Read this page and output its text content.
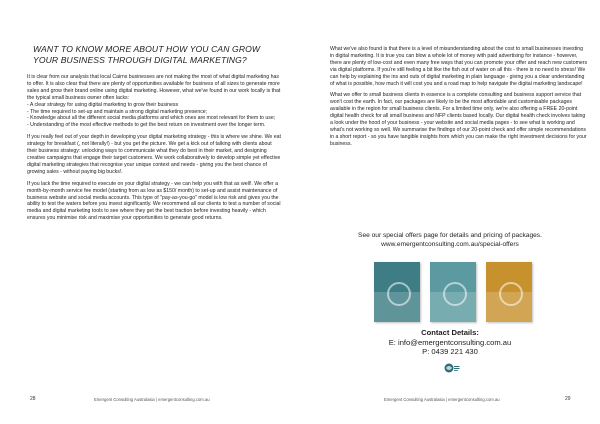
WANT TO KNOW MORE ABOUT HOW YOU CAN GROW YOUR BUSINESS THROUGH DIGITAL MARKETING?

It is clear from our analysis that local Cairns businesses are not making the most of what digital marketing has to offer. It is also clear that there are plenty of opportunities available for business of all sizes to generate more sales and grow their brand online using digital marketing. However, what we've found in our work locally is that the typical small business owner often lacks:
- A clear strategy for using digital marketing to grow their business
- The time required to set-up and maintain a strong digital marketing presence;
- Knowledge about all the different social media platforms and which ones are most relevant for them to use;
- Understanding of the most effective methods to get the best return on investment over the longer term.

If you really feel out of your depth in developing your digital marketing strategy - this is where we shine. We eat strategy for breakfast (, not literally!) - but you get the picture. We get a kick out of talking with clients about their business strategy: unlocking ways to communicate what they do best in their market, and designing creative campaigns that engage their target customers. We work collaboratively to develop simple yet effective digital marketing strategies that recognise your unique context and needs - giving you the best chance of growing sales - without paying big bucks!.

If you lack the time required to execute on your digital strategy - we can help you with that as well!. We offer a month-by-month service fee model (starting from as low as $150/ month) to set-up and assist maintenance of business website and social media accounts. This type of "pay-as-you-go" model is low risk and gives you the ability to test the waters before you invest significantly. We recommend all our clients to test a number of social media and digital marketing tools to see where they get the best traction before investing heavily - which ensures you minimise risk and maximise your opportunities to generate good returns.

28	Emergent Consulting Australasia | emergentconsulting.com.au

What we've also found is that there is a level of misunderstanding about the cost to small businesses investing in digital marketing. It is true you can blow a whole lot of money with paid advertising for instance - however, there are plenty of low-cost and even many free ways that you can promote your offer and reach new customers via digital platforms. If you're still feeling a bit like the fish out of water on all this - there is no need to stress! We can help by explaining the ins and outs of digital marketing in plain language - giving you a clear understanding of what is possible, how much it will cost you and a road map to help navigate the digital marketing landscape!

What we offer to small business clients in essence is a complete consulting and business support service that won't cost the earth. In fact, our packages are likely to be the most affordable and customisable packages available in the region for small business clients. For a limited time only, we're also offering a FREE 20-point digital health check for all small business and NFP clients based locally. Our digital health check involves taking a look under the hood of your business - your website and social media pages - to see what is working and what's not working so well. We summarise the findings of our 20-point check and offer simple recommendations in a short report - so you have tangible insights from which you can make the right investment decisions for your business.

See our special offers page for details and pricing of packages.
www.emergentconsulting.com.au/special-offers
Contact Details:
E: info@emergentconsulting.com.au
P: 0439 221 430
Emergent Consulting Australasia | emergentconsulting.com.au	29
